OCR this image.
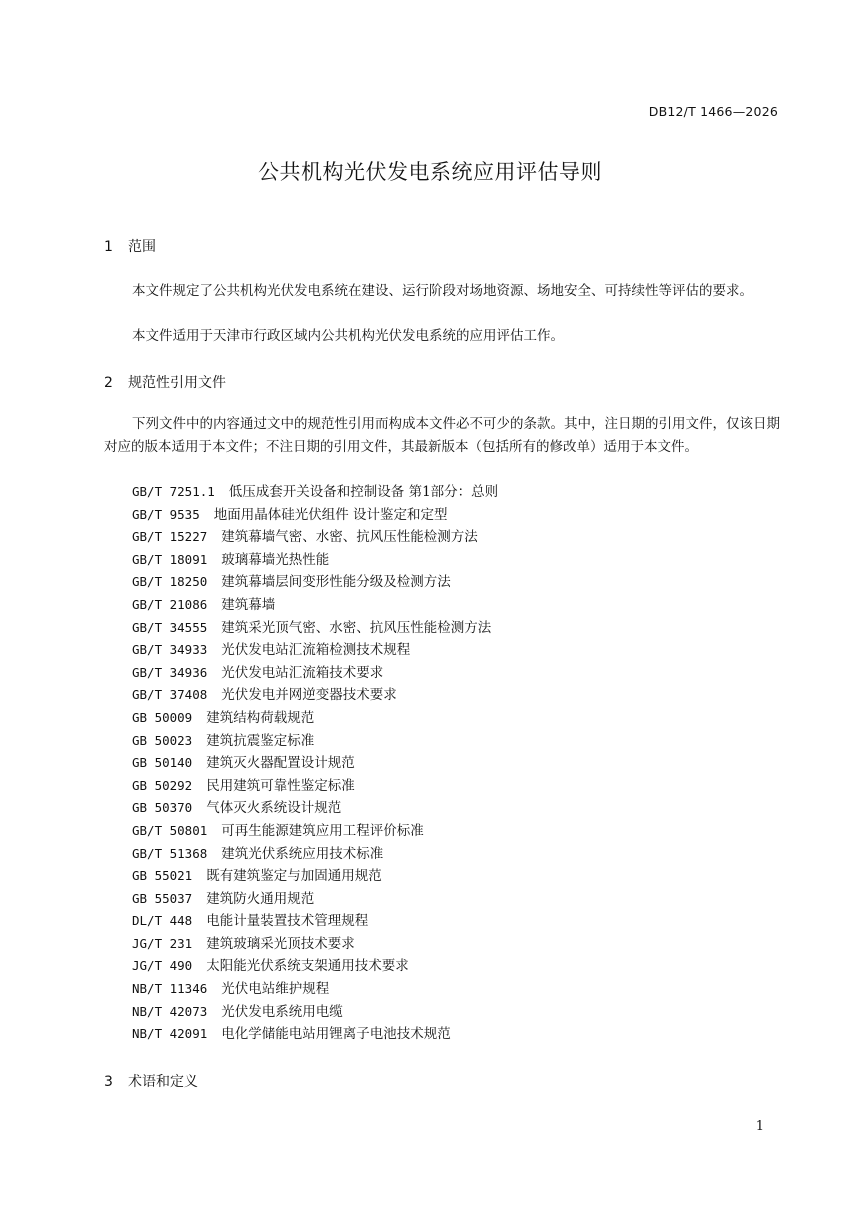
DB12/T 1466—2026
公共机构光伏发电系统应用评估导则
1 范围

本文件规定了公共机构光伏发电系统在建设、运行阶段对场地资源、场地安全、可持续性等评估的要求。

本文件适用于天津市行政区域内公共机构光伏发电系统的应用评估工作。

2 规范性引用文件

下列文件中的内容通过文中的规范性引用而构成本文件必不可少的条款。其中，注日期的引用文件，仅该日期对应的版本适用于本文件；不注日期的引用文件，其最新版本（包括所有的修改单）适用于本文件。

GB/T 7251.1 低压成套开关设备和控制设备 第1部分：总则
GB/T 9535 地面用晶体硅光伏组件 设计鉴定和定型
GB/T 15227 建筑幕墙气密、水密、抗风压性能检测方法
GB/T 18091 玻璃幕墙光热性能
GB/T 18250 建筑幕墙层间变形性能分级及检测方法
GB/T 21086 建筑幕墙
GB/T 34555 建筑采光顶气密、水密、抗风压性能检测方法
GB/T 34933 光伏发电站汇流箱检测技术规程
GB/T 34936 光伏发电站汇流箱技术要求
GB/T 37408 光伏发电并网逆变器技术要求
GB 50009 建筑结构荷载规范
GB 50023 建筑抗震鉴定标准
GB 50140 建筑灭火器配置设计规范
GB 50292 民用建筑可靠性鉴定标准
GB 50370 气体灭火系统设计规范
GB/T 50801 可再生能源建筑应用工程评价标准
GB/T 51368 建筑光伏系统应用技术标准
GB 55021 既有建筑鉴定与加固通用规范
GB 55037 建筑防火通用规范
DL/T 448 电能计量装置技术管理规程
JG/T 231 建筑玻璃采光顶技术要求
JG/T 490 太阳能光伏系统支架通用技术要求
NB/T 11346 光伏电站维护规程
NB/T 42073 光伏发电系统用电缆
NB/T 42091 电化学储能电站用锂离子电池技术规范
3 术语和定义
1
